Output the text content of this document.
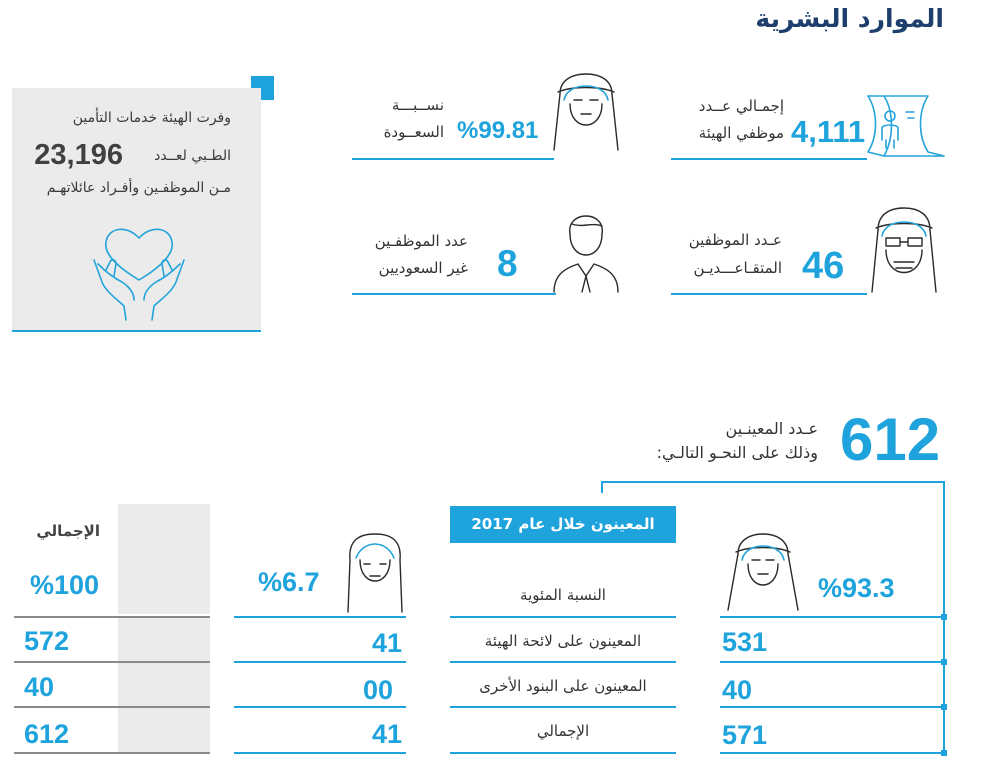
الموارد البشرية
وفرت الهيئة خدمات التأمين
الطـبي لعــدد
23,196
مـن الموظفـين وأفـراد عائلاتهـم
4,111
إجمـالي عــدد
موظفي الهيئة
%99.81
نســبـــة
السعــودة
46
عـدد الموظفين
المتقـاعـــديـن
8
عدد الموظفـين
غير السعوديين
612
عـدد المعينـين
وذلك على النحـو التالـي:
المعينون خلال عام 2017
%93.3
531
40
571
النسبة المئوية
المعينون على لائحة الهيئة
المعينون على البنود الأخرى
الإجمالي
%6.7
41
00
41
الإجمالي
%100
572
40
612
